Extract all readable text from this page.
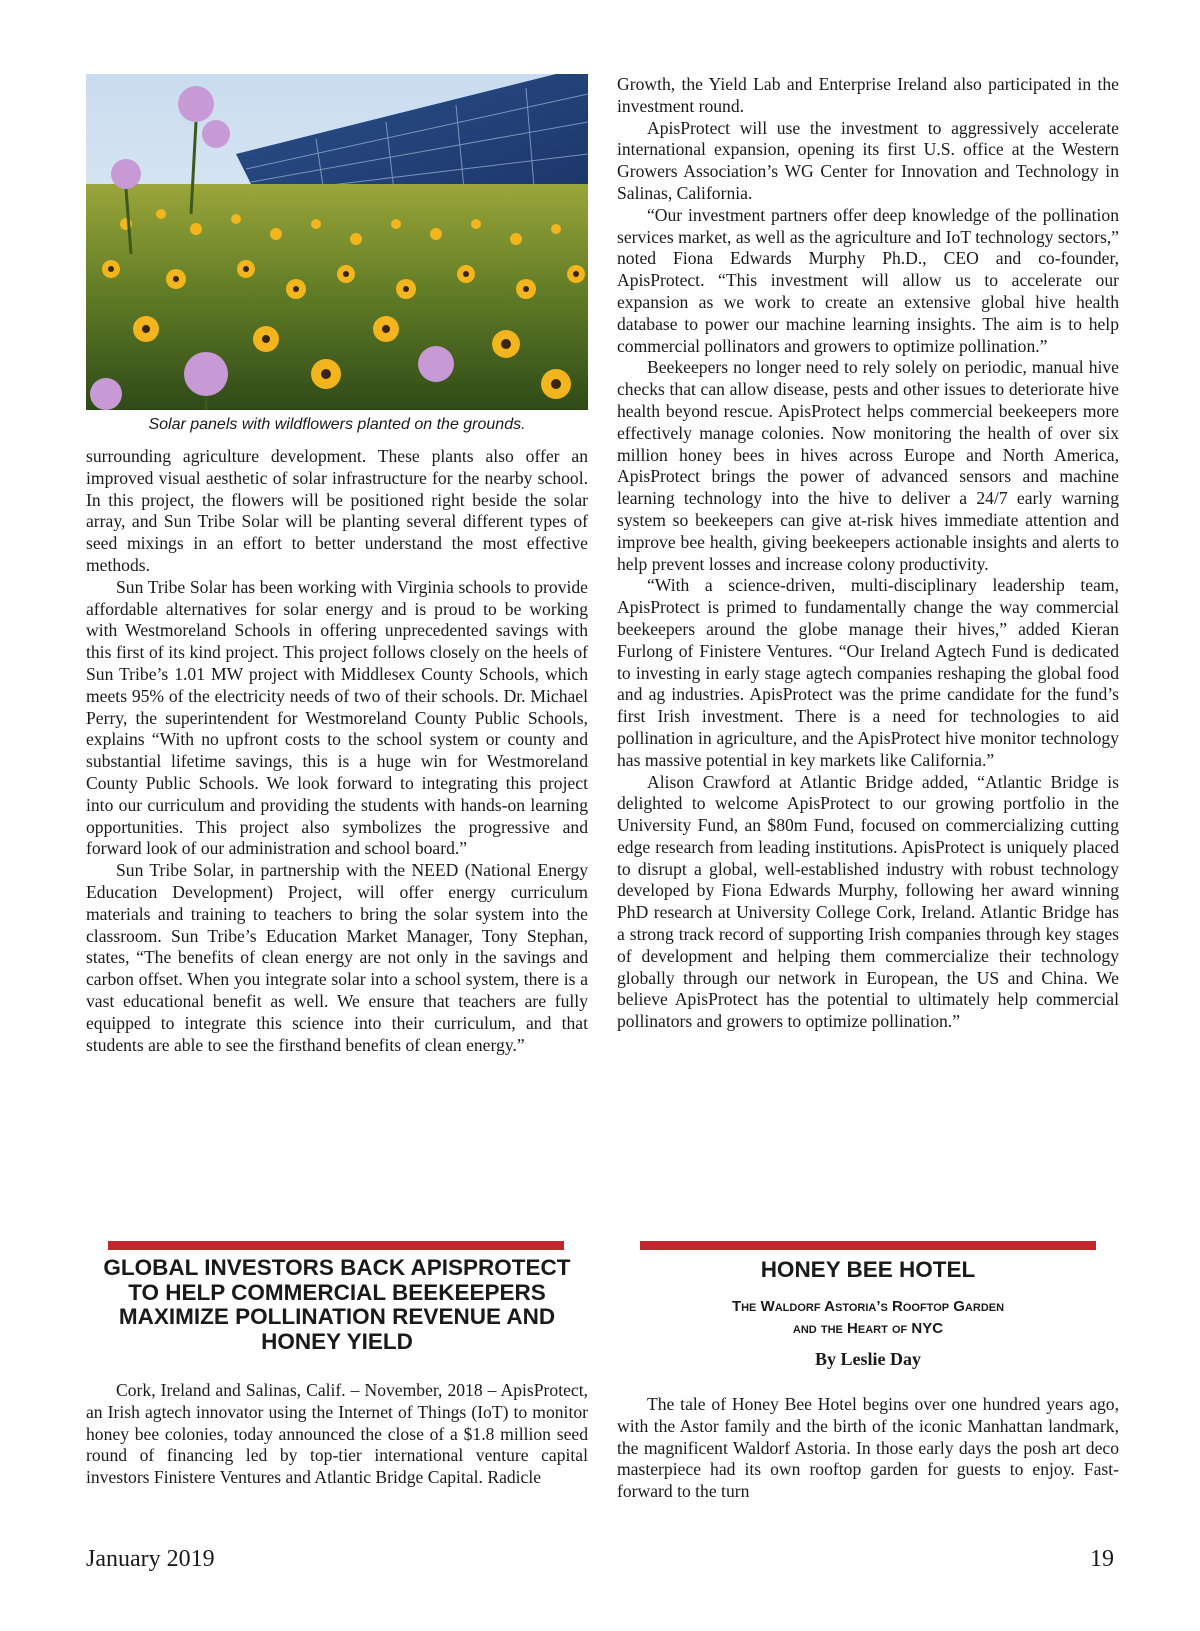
Solar panels with wildflowers planted on the grounds.

surrounding agriculture development. These plants also offer an improved visual aesthetic of solar infrastructure for the nearby school. In this project, the flowers will be positioned right beside the solar array, and Sun Tribe Solar will be planting several different types of seed mixings in an effort to better understand the most effective methods.

Sun Tribe Solar has been working with Virginia schools to provide affordable alternatives for solar energy and is proud to be working with Westmoreland Schools in offering unprecedented savings with this first of its kind project. This project follows closely on the heels of Sun Tribe’s 1.01 MW project with Middlesex County Schools, which meets 95% of the electricity needs of two of their schools. Dr. Michael Perry, the superintendent for Westmoreland County Public Schools, explains “With no upfront costs to the school system or county and substantial lifetime savings, this is a huge win for Westmoreland County Public Schools. We look forward to integrating this project into our curriculum and providing the students with hands-on learning opportunities. This project also symbolizes the progressive and forward look of our administration and school board.”

Sun Tribe Solar, in partnership with the NEED (National Energy Education Development) Project, will offer energy curriculum materials and training to teachers to bring the solar system into the classroom. Sun Tribe’s Education Market Manager, Tony Stephan, states, “The benefits of clean energy are not only in the savings and carbon offset. When you integrate solar into a school system, there is a vast educational benefit as well. We ensure that teachers are fully equipped to integrate this science into their curriculum, and that students are able to see the firsthand benefits of clean energy.”

Growth, the Yield Lab and Enterprise Ireland also participated in the investment round.

ApisProtect will use the investment to aggressively accelerate international expansion, opening its first U.S. office at the Western Growers Association’s WG Center for Innovation and Technology in Salinas, California.

“Our investment partners offer deep knowledge of the pollination services market, as well as the agriculture and IoT technology sectors,” noted Fiona Edwards Murphy Ph.D., CEO and co-founder, ApisProtect. “This investment will allow us to accelerate our expansion as we work to create an extensive global hive health database to power our machine learning insights. The aim is to help commercial pollinators and growers to optimize pollination.”

Beekeepers no longer need to rely solely on periodic, manual hive checks that can allow disease, pests and other issues to deteriorate hive health beyond rescue. ApisProtect helps commercial beekeepers more effectively manage colonies. Now monitoring the health of over six million honey bees in hives across Europe and North America, ApisProtect brings the power of advanced sensors and machine learning technology into the hive to deliver a 24/7 early warning system so beekeepers can give at-risk hives immediate attention and improve bee health, giving beekeepers actionable insights and alerts to help prevent losses and increase colony productivity.

“With a science-driven, multi-disciplinary leadership team, ApisProtect is primed to fundamentally change the way commercial beekeepers around the globe manage their hives,” added Kieran Furlong of Finistere Ventures. “Our Ireland Agtech Fund is dedicated to investing in early stage agtech companies reshaping the global food and ag industries. ApisProtect was the prime candidate for the fund’s first Irish investment. There is a need for technologies to aid pollination in agriculture, and the ApisProtect hive monitor technology has massive potential in key markets like California.”

Alison Crawford at Atlantic Bridge added, “Atlantic Bridge is delighted to welcome ApisProtect to our growing portfolio in the University Fund, an $80m Fund, focused on commercializing cutting edge research from leading institutions. ApisProtect is uniquely placed to disrupt a global, well-established industry with robust technology developed by Fiona Edwards Murphy, following her award winning PhD research at University College Cork, Ireland. Atlantic Bridge has a strong track record of supporting Irish companies through key stages of development and helping them commercialize their technology globally through our network in European, the US and China. We believe ApisProtect has the potential to ultimately help commercial pollinators and growers to optimize pollination.”

GLOBAL INVESTORS BACK APISPROTECT TO HELP COMMERCIAL BEEKEEPERS MAXIMIZE POLLINATION REVENUE AND HONEY YIELD

Cork, Ireland and Salinas, Calif. – November, 2018 – ApisProtect, an Irish agtech innovator using the Internet of Things (IoT) to monitor honey bee colonies, today announced the close of a $1.8 million seed round of financing led by top-tier international venture capital investors Finistere Ventures and Atlantic Bridge Capital. Radicle

HONEY BEE HOTEL
The Waldorf Astoria’s Rooftop Garden
and the Heart of NYC
By Leslie Day

The tale of Honey Bee Hotel begins over one hundred years ago, with the Astor family and the birth of the iconic Manhattan landmark, the magnificent Waldorf Astoria. In those early days the posh art deco masterpiece had its own rooftop garden for guests to enjoy. Fast-forward to the turn

January 2019	19
